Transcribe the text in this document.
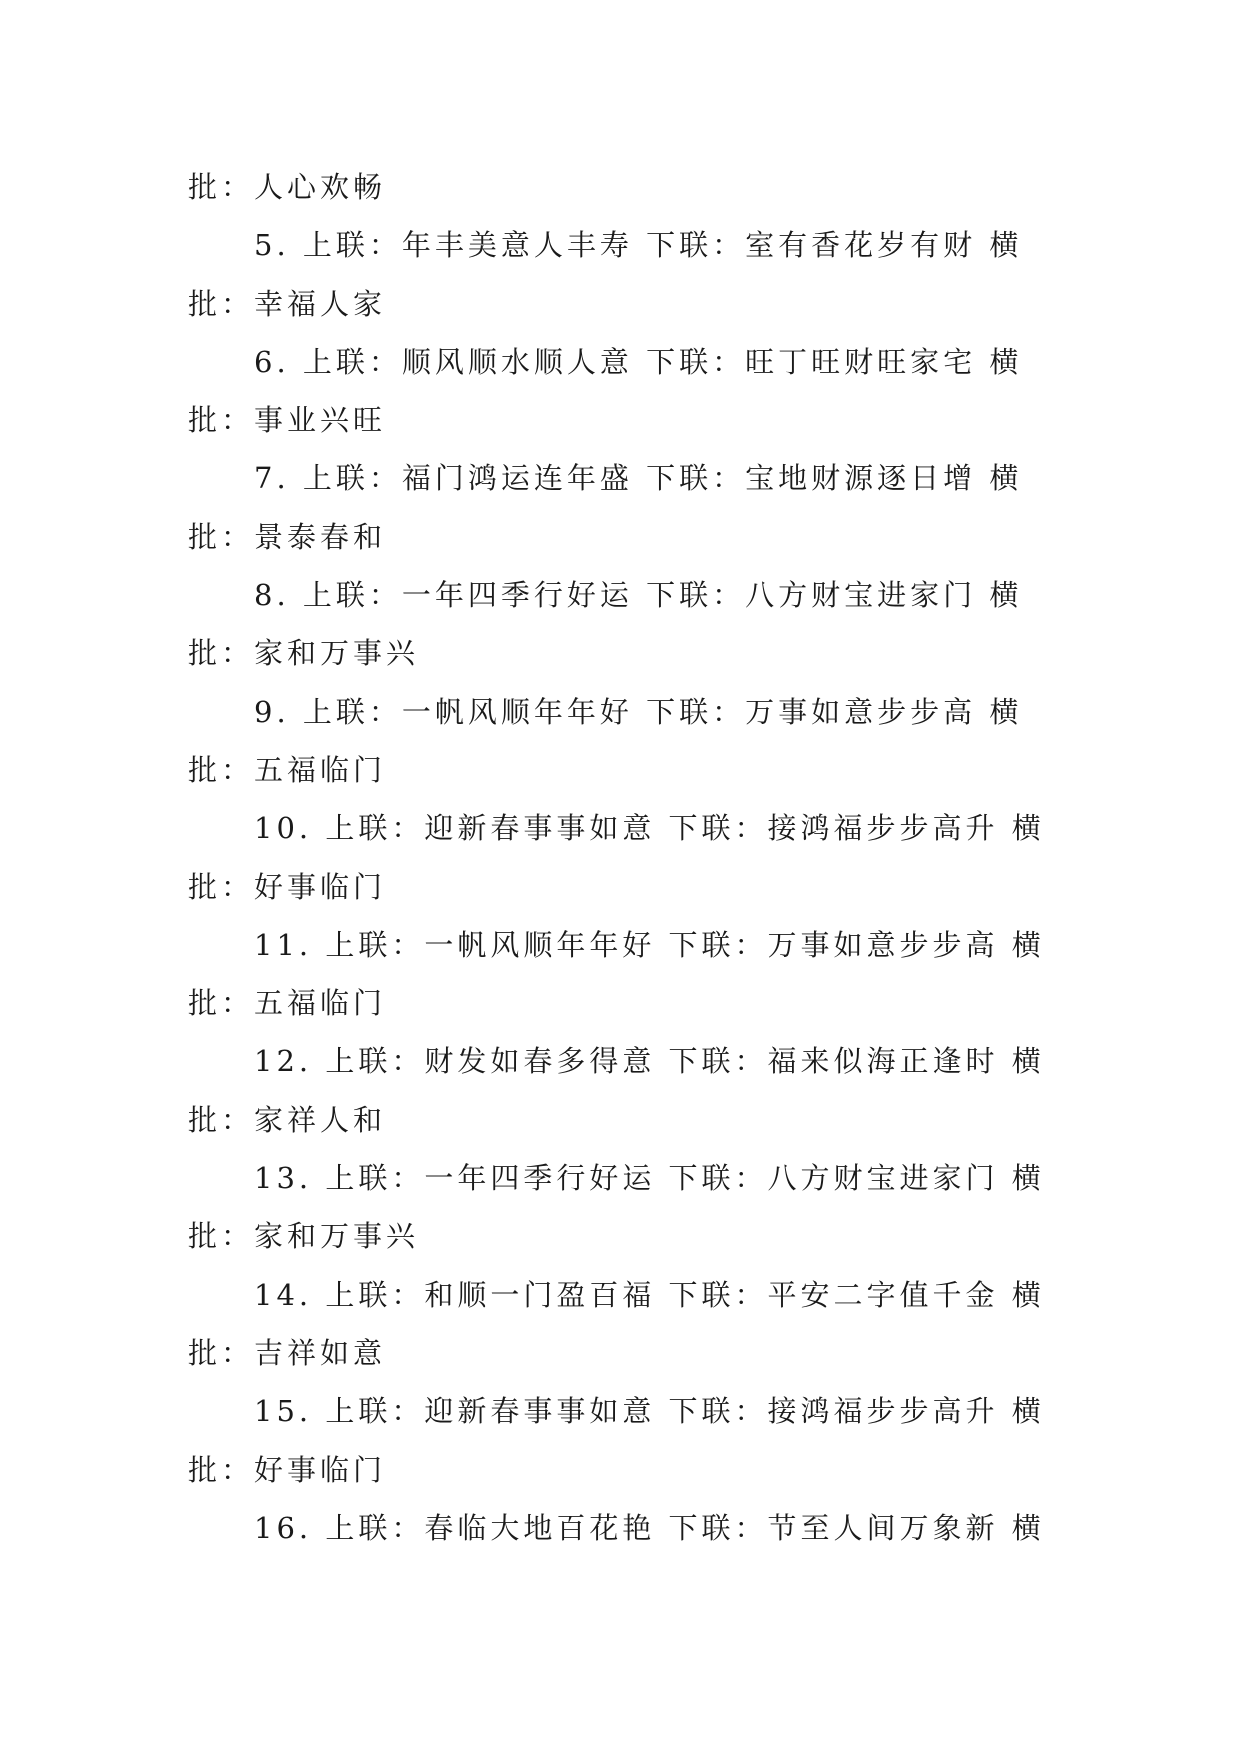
批：人心欢畅
5. 上联：年丰美意人丰寿 下联：室有香花岁有财 横
批：幸福人家
6. 上联：顺风顺水顺人意 下联：旺丁旺财旺家宅 横
批：事业兴旺
7. 上联：福门鸿运连年盛 下联：宝地财源逐日增 横
批：景泰春和
8. 上联：一年四季行好运 下联：八方财宝进家门 横
批：家和万事兴
9. 上联：一帆风顺年年好 下联：万事如意步步高 横
批：五福临门
10. 上联：迎新春事事如意 下联：接鸿福步步高升 横
批：好事临门
11. 上联：一帆风顺年年好 下联：万事如意步步高 横
批：五福临门
12. 上联：财发如春多得意 下联：福来似海正逢时 横
批：家祥人和
13. 上联：一年四季行好运 下联：八方财宝进家门 横
批：家和万事兴
14. 上联：和顺一门盈百福 下联：平安二字值千金 横
批：吉祥如意
15. 上联：迎新春事事如意 下联：接鸿福步步高升 横
批：好事临门
16. 上联：春临大地百花艳 下联：节至人间万象新 横
